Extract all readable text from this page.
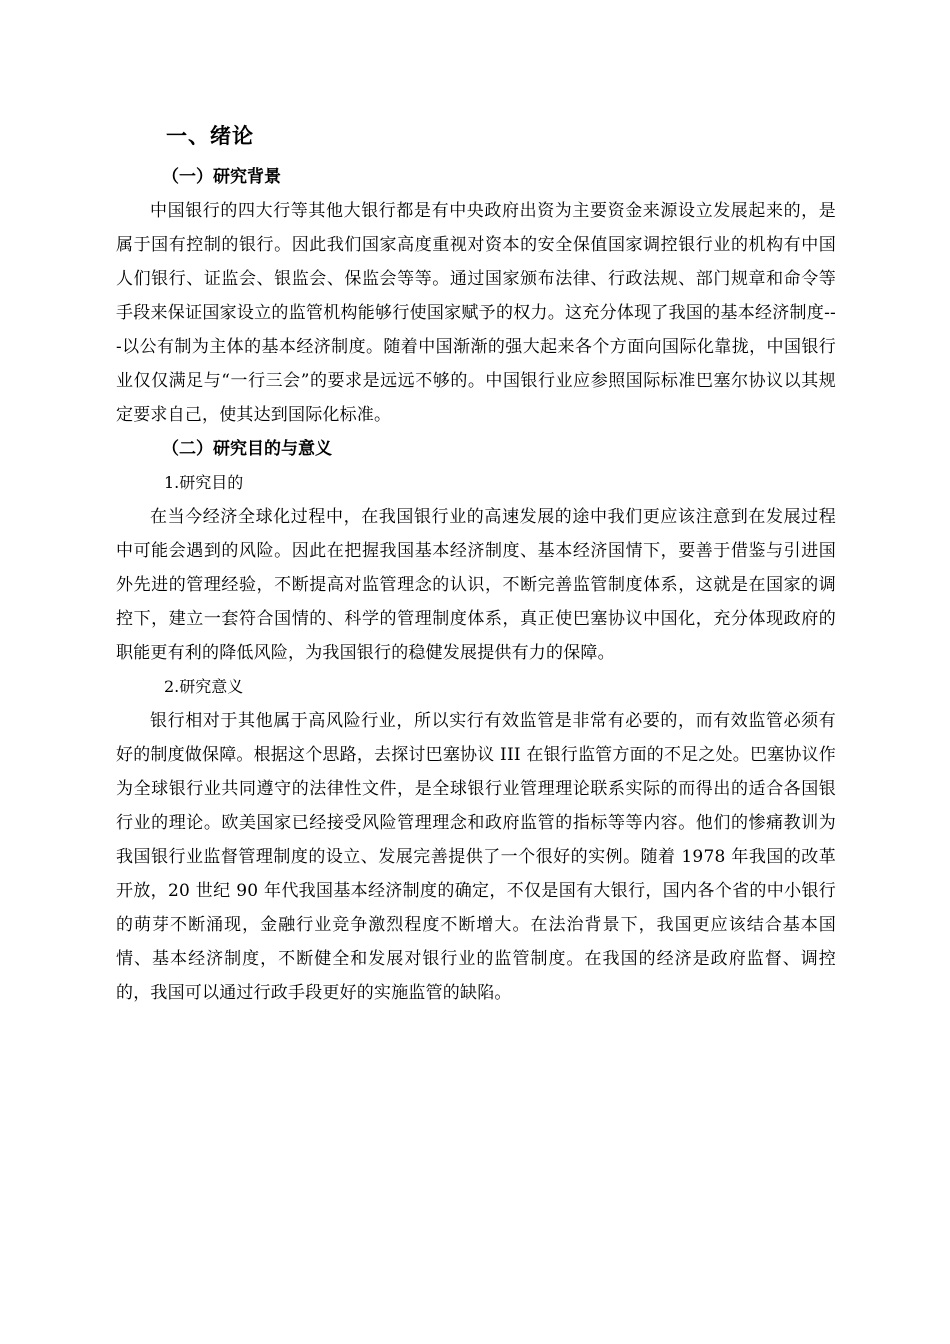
一、绪论
（一）研究背景

中国银行的四大行等其他大银行都是有中央政府出资为主要资金来源设立发展起来的，是属于国有控制的银行。因此我们国家高度重视对资本的安全保值国家调控银行业的机构有中国人们银行、证监会、银监会、保监会等等。通过国家颁布法律、行政法规、部门规章和命令等手段来保证国家设立的监管机构能够行使国家赋予的权力。这充分体现了我国的基本经济制度---以公有制为主体的基本经济制度。随着中国渐渐的强大起来各个方面向国际化靠拢，中国银行业仅仅满足与“一行三会”的要求是远远不够的。中国银行业应参照国际标准巴塞尔协议以其规定要求自己，使其达到国际化标准。

（二）研究目的与意义
1.研究目的

在当今经济全球化过程中，在我国银行业的高速发展的途中我们更应该注意到在发展过程中可能会遇到的风险。因此在把握我国基本经济制度、基本经济国情下，要善于借鉴与引进国外先进的管理经验，不断提高对监管理念的认识，不断完善监管制度体系，这就是在国家的调控下，建立一套符合国情的、科学的管理制度体系，真正使巴塞协议中国化，充分体现政府的职能更有利的降低风险，为我国银行的稳健发展提供有力的保障。

2.研究意义

银行相对于其他属于高风险行业，所以实行有效监管是非常有必要的，而有效监管必须有好的制度做保障。根据这个思路，去探讨巴塞协议 III 在银行监管方面的不足之处。巴塞协议作为全球银行业共同遵守的法律性文件，是全球银行业管理理论联系实际的而得出的适合各国银行业的理论。欧美国家已经接受风险管理理念和政府监管的指标等等内容。他们的惨痛教训为我国银行业监督管理制度的设立、发展完善提供了一个很好的实例。随着 1978 年我国的改革开放，20 世纪 90 年代我国基本经济制度的确定，不仅是国有大银行，国内各个省的中小银行的萌芽不断涌现，金融行业竞争激烈程度不断增大。在法治背景下，我国更应该结合基本国情、基本经济制度，不断健全和发展对银行业的监管制度。在我国的经济是政府监督、调控的，我国可以通过行政手段更好的实施监管的缺陷。
